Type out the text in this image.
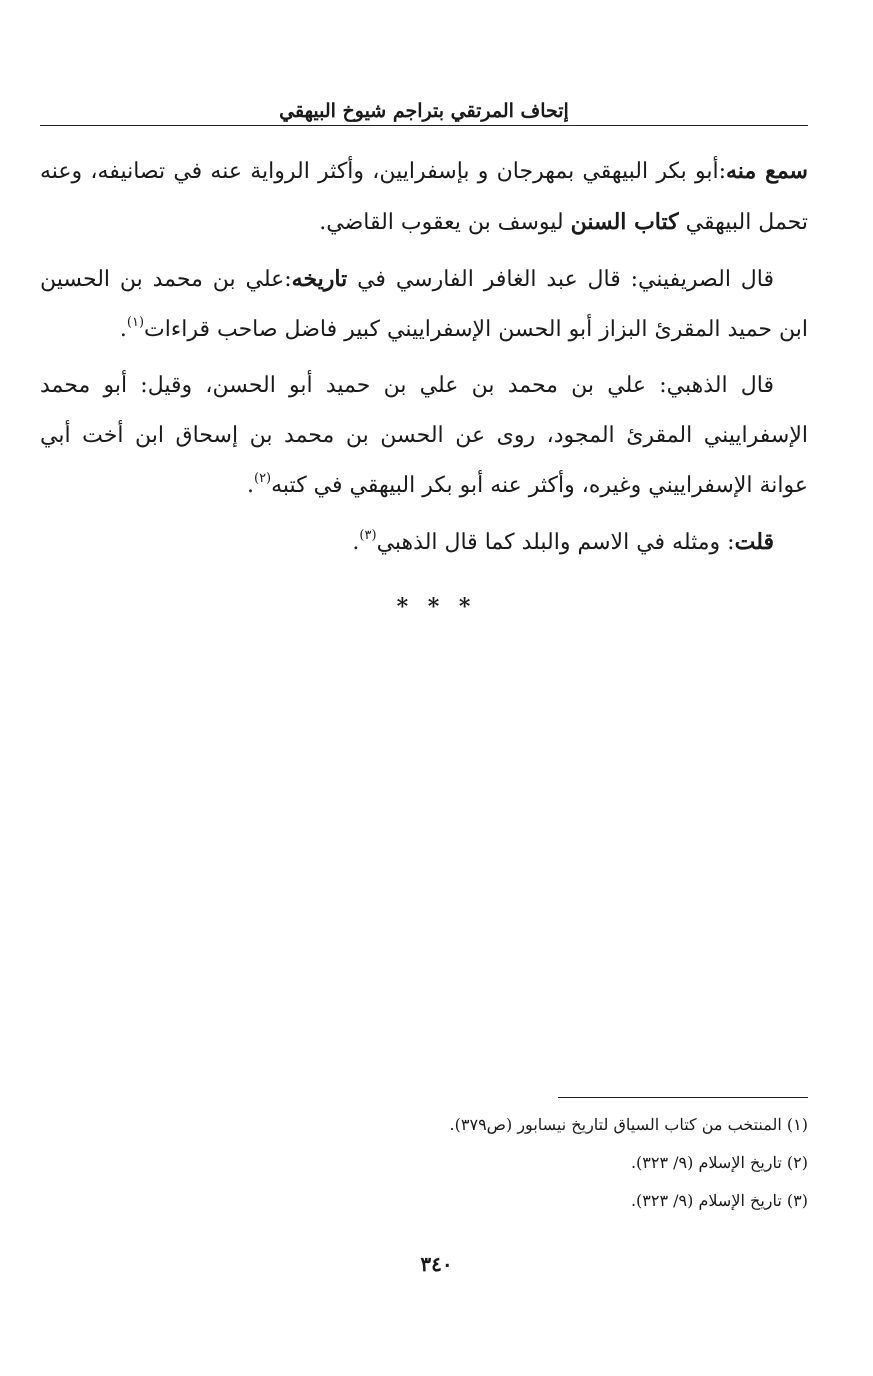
إتحاف المرتقي بتراجم شيوخ البيهقي

سمع منه:أبو بكر البيهقي بمهرجان و بإسفرايين، وأكثر الرواية عنه في تصانيفه، وعنه تحمل البيهقي كتاب السنن ليوسف بن يعقوب القاضي.

قال الصريفيني: قال عبد الغافر الفارسي في تاريخه:علي بن محمد بن الحسين ابن حميد المقرئ البزاز أبو الحسن الإسفراييني كبير فاضل صاحب قراءات$^{(١)}$.

قال الذهبي: علي بن محمد بن علي بن حميد أبو الحسن، وقيل: أبو محمد الإسفراييني المقرئ المجود، روى عن الحسن بن محمد بن إسحاق ابن أخت أبي عوانة الإسفراييني وغيره، وأكثر عنه أبو بكر البيهقي في كتبه$^{(٢)}$.

قلت: ومثله في الاسم والبلد كما قال الذهبي$^{(٣)}$.

* * *
(١) المنتخب من كتاب السياق لتاريخ نيسابور (ص٣٧٩).
(٢) تاريخ الإسلام (٩/ ٣٢٣).
(٣) تاريخ الإسلام (٩/ ٣٢٣).
٣٤٠
